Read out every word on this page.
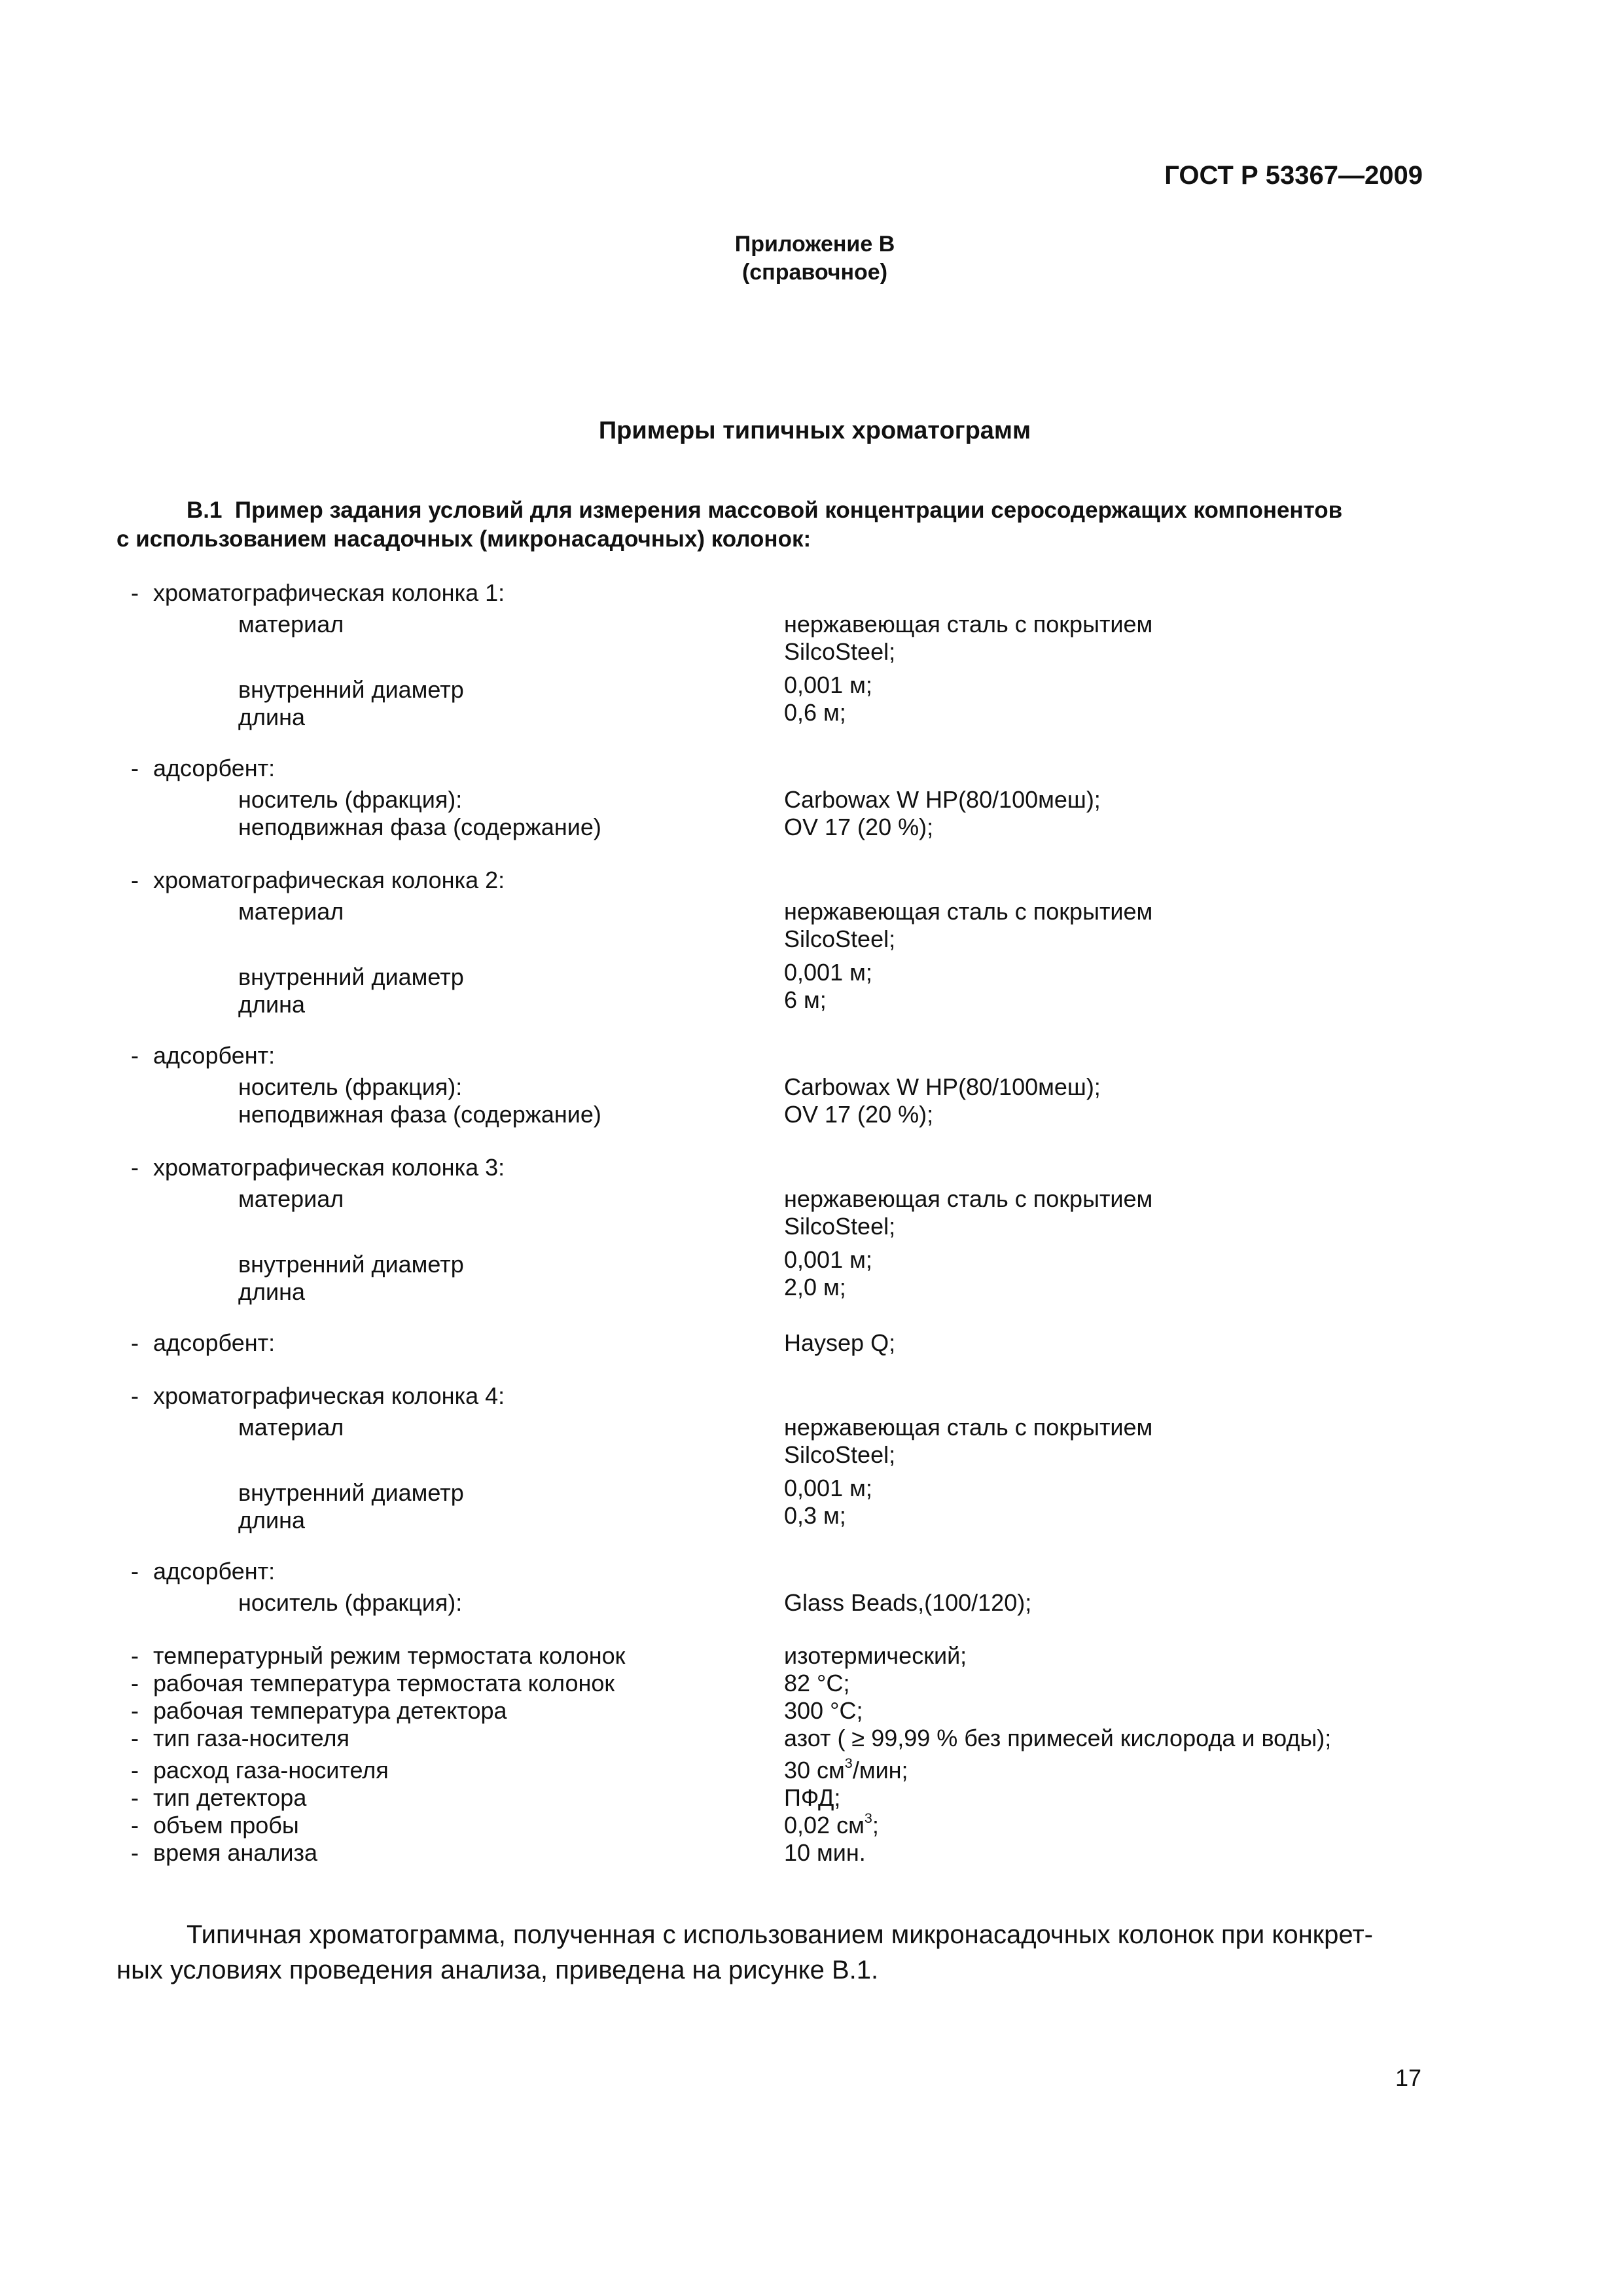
ГОСТ Р 53367—2009
Приложение В
(справочное)
Примеры типичных хроматограмм
В.1 Пример задания условий для измерения массовой концентрации серосодержащих компонентов
с использованием насадочных (микронасадочных) колонок:
- хроматографическая колонка 1:
материал	нержавеющая сталь с покрытием
SilcoSteel;
внутренний диаметр	0,001 м;
длина	0,6 м;
- адсорбент:
носитель (фракция):	Carbowax W HP(80/100меш);
неподвижная фаза (содержание)	OV 17 (20 %);
- хроматографическая колонка 2:
материал	нержавеющая сталь с покрытием
SilcoSteel;
внутренний диаметр	0,001 м;
длина	6 м;
- адсорбент:
носитель (фракция):	Carbowax W HP(80/100меш);
неподвижная фаза (содержание)	OV 17 (20 %);
- хроматографическая колонка 3:
материал	нержавеющая сталь с покрытием
SilcoSteel;
внутренний диаметр	0,001 м;
длина	2,0 м;
- адсорбент:	Haysep Q;
- хроматографическая колонка 4:
материал	нержавеющая сталь с покрытием
SilcoSteel;
внутренний диаметр	0,001 м;
длина	0,3 м;
- адсорбент:
носитель (фракция):	Glass Beads,(100/120);
- температурный режим термостата колонок	изотермический;
- рабочая температура термостата колонок	82 °С;
- рабочая температура детектора	300 °С;
- тип газа-носителя	азот ( ≥ 99,99 % без примесей кислорода и воды);
- расход газа-носителя	30 $см^3$/мин;
- тип детектора	ПФД;
- объем пробы	0,02 $см^3$;
- время анализа	10 мин.
Типичная хроматограмма, полученная с использованием микронасадочных колонок при конкрет-
ных условиях проведения анализа, приведена на рисунке В.1.
17
